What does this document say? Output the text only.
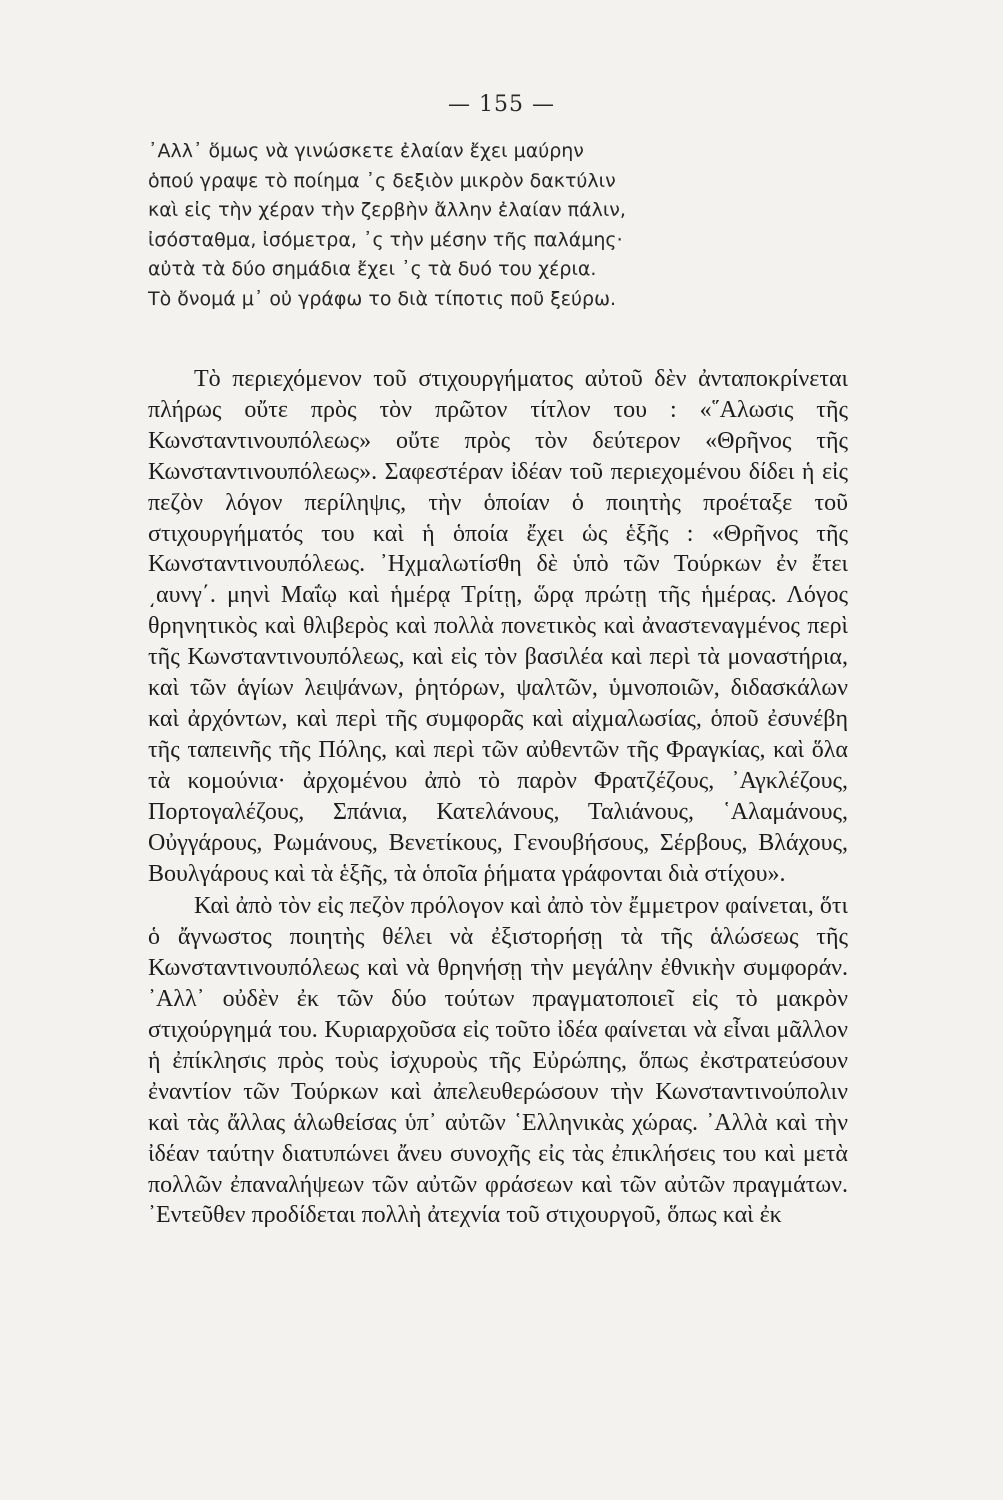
— 155 —
᾿Αλλ᾿ ὅμως νὰ γινώσκετε ἐλαίαν ἔχει μαύρην
ὁπού γραψε τὸ ποίημα ᾿ς δεξιὸν μικρὸν δακτύλιν
καὶ εἰς τὴν χέραν τὴν ζερβὴν ἄλλην ἐλαίαν πάλιν,
ἰσόσταθμα, ἰσόμετρα, ᾿ς τὴν μέσην τῆς παλάμης·
αὐτὰ τὰ δύο σημάδια ἔχει ᾿ς τὰ δυό του χέρια.
Τὸ ὄνομά μ᾿ οὐ γράφω το διὰ τίποτις ποῦ ξεύρω.

Τὸ περιεχόμενον τοῦ στιχουργήματος αὐτοῦ δὲν ἀνταποκρίνεται πλήρως οὔτε πρὸς τὸν πρῶτον τίτλον του : «῞Αλωσις τῆς Κωνσταντινουπόλεως» οὔτε πρὸς τὸν δεύτερον «Θρῆνος τῆς Κωνσταντινουπόλεως». Σαφεστέραν ἰδέαν τοῦ περιεχομένου δίδει ἡ εἰς πεζὸν λόγον περίληψις, τὴν ὁποίαν ὁ ποιητὴς προέταξε τοῦ στιχουργήματός του καὶ ἡ ὁποία ἔχει ὡς ἑξῆς : «Θρῆνος τῆς Κωνσταντινουπόλεως. ᾿Ηχμαλωτίσθη δὲ ὑπὸ τῶν Τούρκων ἐν ἔτει ͵αυνγ΄. μηνὶ Μαΐῳ καὶ ἡμέρᾳ Τρίτῃ, ὥρᾳ πρώτῃ τῆς ἡμέρας. Λόγος θρηνητικὸς καὶ θλιβερὸς καὶ πολλὰ πονετικὸς καὶ ἀναστεναγμένος περὶ τῆς Κωνσταντινουπόλεως, καὶ εἰς τὸν βασιλέα καὶ περὶ τὰ μοναστήρια, καὶ τῶν ἁγίων λειψάνων, ῥητόρων, ψαλτῶν, ὑμνοποιῶν, διδασκάλων καὶ ἀρχόντων, καὶ περὶ τῆς συμφορᾶς καὶ αἰχμαλωσίας, ὁποῦ ἐσυνέβη τῆς ταπεινῆς τῆς Πόλης, καὶ περὶ τῶν αὐθεντῶν τῆς Φραγκίας, καὶ ὅλα τὰ κομούνια· ἀρχομένου ἀπὸ τὸ παρὸν Φρατζέζους, ᾿Αγκλέζους, Πορτογαλέζους, Σπάνια, Κατελάνους, Ταλιάνους, ῾Αλαμάνους, Οὐγγάρους, Ρωμάνους, Βενετίκους, Γενουβήσους, Σέρβους, Βλάχους, Βουλγάρους καὶ τὰ ἑξῆς, τὰ ὁποῖα ῥήματα γράφονται διὰ στίχου».

Καὶ ἀπὸ τὸν εἰς πεζὸν πρόλογον καὶ ἀπὸ τὸν ἔμμετρον φαίνεται, ὅτι ὁ ἄγνωστος ποιητὴς θέλει νὰ ἐξιστορήσῃ τὰ τῆς ἁλώσεως τῆς Κωνσταντινουπόλεως καὶ νὰ θρηνήσῃ τὴν μεγάλην ἐθνικὴν συμφοράν. ᾿Αλλ᾿ οὐδὲν ἐκ τῶν δύο τούτων πραγματοποιεῖ εἰς τὸ μακρὸν στιχούργημά του. Κυριαρχοῦσα εἰς τοῦτο ἰδέα φαίνεται νὰ εἶναι μᾶλλον ἡ ἐπίκλησις πρὸς τοὺς ἰσχυροὺς τῆς Εὐρώπης, ὅπως ἐκστρατεύσουν ἐναντίον τῶν Τούρκων καὶ ἀπελευθερώσουν τὴν Κωνσταντινούπολιν καὶ τὰς ἄλλας ἁλωθείσας ὑπ᾿ αὐτῶν ῾Ελληνικὰς χώρας. ᾿Αλλὰ καὶ τὴν ἰδέαν ταύτην διατυπώνει ἄνευ συνοχῆς εἰς τὰς ἐπικλήσεις του καὶ μετὰ πολλῶν ἐπαναλήψεων τῶν αὐτῶν φράσεων καὶ τῶν αὐτῶν πραγμάτων. ᾿Εντεῦθεν προδίδεται πολλὴ ἀτεχνία τοῦ στιχουργοῦ, ὅπως καὶ ἐκ
